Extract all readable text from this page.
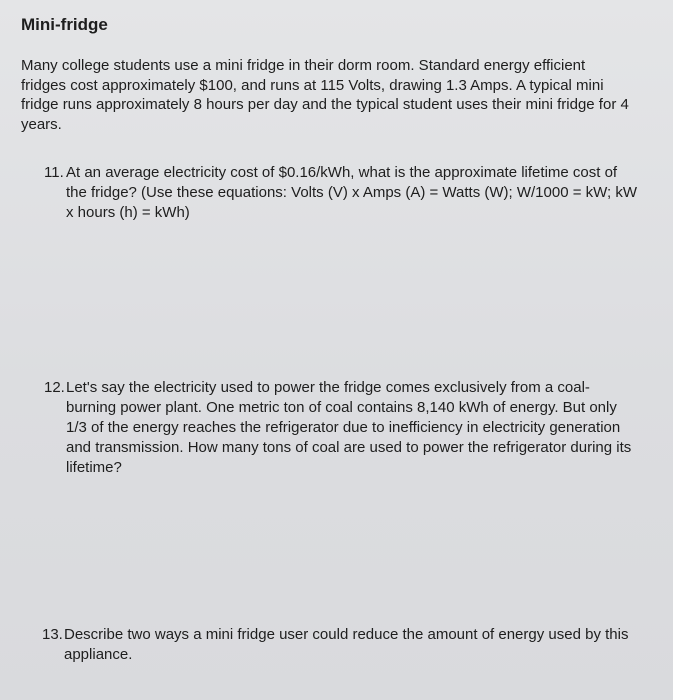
Mini-fridge

Many college students use a mini fridge in their dorm room. Standard energy efficient fridges cost approximately $100, and runs at 115 Volts, drawing 1.3 Amps. A typical mini fridge runs approximately 8 hours per day and the typical student uses their mini fridge for 4 years.

11. At an average electricity cost of $0.16/kWh, what is the approximate lifetime cost of the fridge? (Use these equations: Volts (V) x Amps (A) = Watts (W); W/1000 = kW; kW x hours (h) = kWh)

12.Let's say the electricity used to power the fridge comes exclusively from a coal-burning power plant. One metric ton of coal contains 8,140 kWh of energy. But only 1/3 of the energy reaches the refrigerator due to inefficiency in electricity generation and transmission. How many tons of coal are used to power the refrigerator during its lifetime?

13.Describe two ways a mini fridge user could reduce the amount of energy used by this appliance.
